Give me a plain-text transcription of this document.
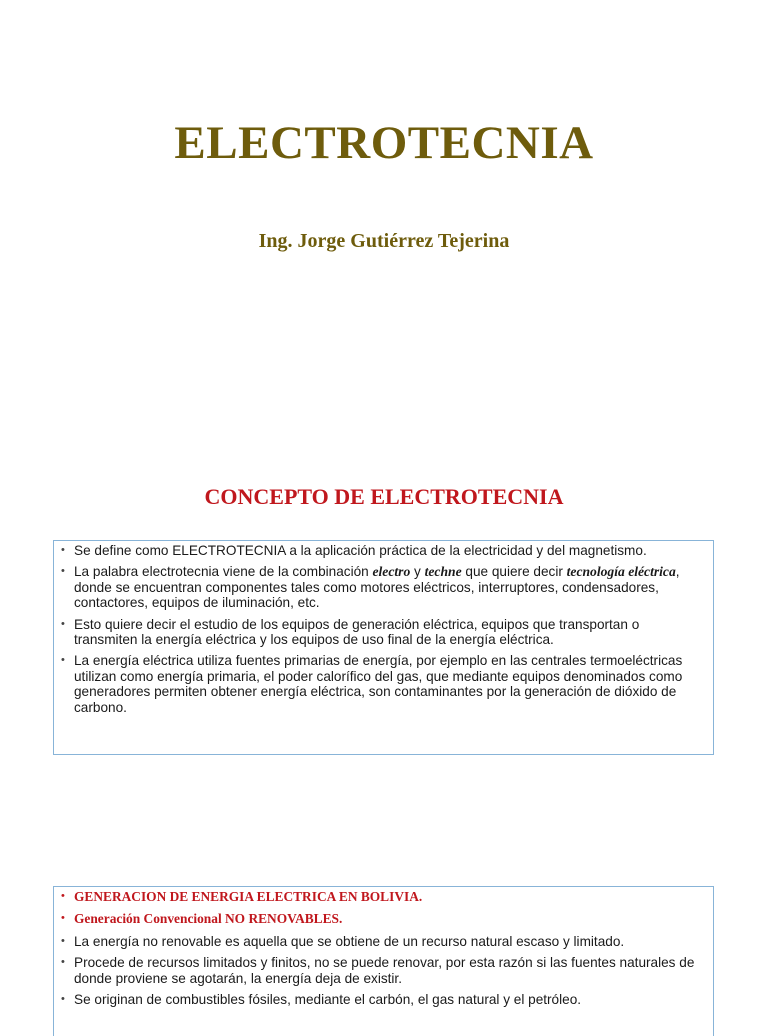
ELECTROTECNIA
Ing. Jorge Gutiérrez Tejerina
CONCEPTO DE ELECTROTECNIA
• Se define como ELECTROTECNIA a la aplicación práctica de la electricidad y del magnetismo.
• La palabra electrotecnia viene de la combinación electro y techne que quiere decir tecnología eléctrica, donde se encuentran componentes tales como motores eléctricos, interruptores, condensadores, contactores, equipos de iluminación, etc.
• Esto quiere decir el estudio de los equipos de generación eléctrica, equipos que transportan o transmiten la energía eléctrica y los equipos de uso final de la energía eléctrica.
• La energía eléctrica utiliza fuentes primarias de energía, por ejemplo en las centrales termoeléctricas utilizan como energía primaria, el poder calorífico del gas, que mediante equipos denominados como generadores permiten obtener energía eléctrica, son contaminantes por la generación de dióxido de carbono.
• GENERACION DE ENERGIA ELECTRICA EN BOLIVIA.
• Generación Convencional NO RENOVABLES.
• La energía no renovable es aquella que se obtiene de un recurso natural escaso y limitado.
• Procede de recursos limitados y finitos, no se puede renovar, por esta razón si las fuentes naturales de donde proviene se agotarán, la energía deja de existir.
• Se originan de combustibles fósiles, mediante el carbón, el gas natural y el petróleo.
